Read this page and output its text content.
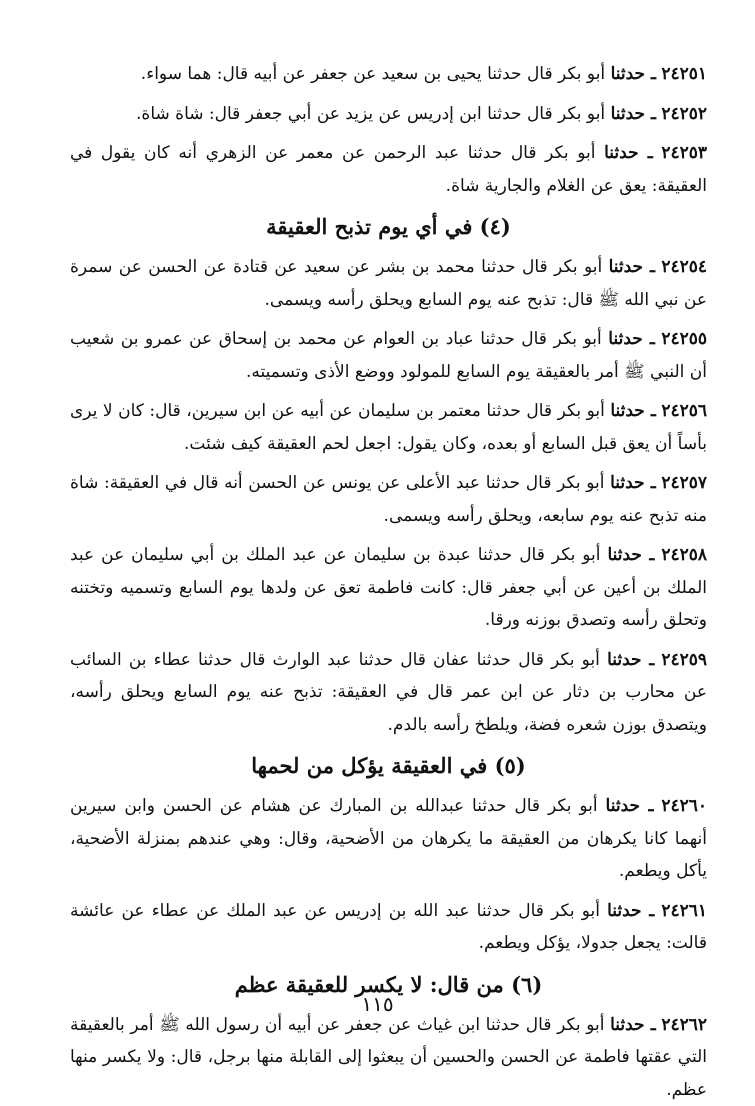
٢٤٢٥١ ـ حدثنا أبو بكر قال حدثنا يحيى بن سعيد عن جعفر عن أبيه قال: هما سواء.

٢٤٢٥٢ ـ حدثنا أبو بكر قال حدثنا ابن إدريس عن يزيد عن أبي جعفر قال: شاة شاة.

٢٤٢٥٣ ـ حدثنا أبو بكر قال حدثنا عبد الرحمن عن معمر عن الزهري أنه كان يقول في العقيقة: يعق عن الغلام والجارية شاة.

(٤) في أي يوم تذبح العقيقة

٢٤٢٥٤ ـ حدثنا أبو بكر قال حدثنا محمد بن بشر عن سعيد عن قتادة عن الحسن عن سمرة عن نبي الله ﷺ قال: تذبح عنه يوم السابع ويحلق رأسه ويسمى.

٢٤٢٥٥ ـ حدثنا أبو بكر قال حدثنا عباد بن العوام عن محمد بن إسحاق عن عمرو بن شعيب أن النبي ﷺ أمر بالعقيقة يوم السابع للمولود ووضع الأذى وتسميته.

٢٤٢٥٦ ـ حدثنا أبو بكر قال حدثنا معتمر بن سليمان عن أبيه عن ابن سيرين، قال: كان لا يرى بأساً أن يعق قبل السابع أو بعده، وكان يقول: اجعل لحم العقيقة كيف شئت.

٢٤٢٥٧ ـ حدثنا أبو بكر قال حدثنا عبد الأعلى عن يونس عن الحسن أنه قال في العقيقة: شاة منه تذبح عنه يوم سابعه، ويحلق رأسه ويسمى.

٢٤٢٥٨ ـ حدثنا أبو بكر قال حدثنا عبدة بن سليمان عن عبد الملك بن أبي سليمان عن عبد الملك بن أعين عن أبي جعفر قال: كانت فاطمة تعق عن ولدها يوم السابع وتسميه وتختنه وتحلق رأسه وتصدق بوزنه ورقا.

٢٤٢٥٩ ـ حدثنا أبو بكر قال حدثنا عفان قال حدثنا عبد الوارث قال حدثنا عطاء بن السائب عن محارب بن دثار عن ابن عمر قال في العقيقة: تذبح عنه يوم السابع ويحلق رأسه، ويتصدق بوزن شعره فضة، ويلطخ رأسه بالدم.

(٥) في العقيقة يؤكل من لحمها

٢٤٢٦٠ ـ حدثنا أبو بكر قال حدثنا عبدالله بن المبارك عن هشام عن الحسن وابن سيرين أنهما كانا يكرهان من العقيقة ما يكرهان من الأضحية، وقال: وهي عندهم بمنزلة الأضحية، يأكل ويطعم.

٢٤٢٦١ ـ حدثنا أبو بكر قال حدثنا عبد الله بن إدريس عن عبد الملك عن عطاء عن عائشة قالت: يجعل جدولا، يؤكل ويطعم.

(٦) من قال: لا يكسر للعقيقة عظم

٢٤٢٦٢ ـ حدثنا أبو بكر قال حدثنا ابن غياث عن جعفر عن أبيه أن رسول الله ﷺ أمر بالعقيقة التي عقتها فاطمة عن الحسن والحسين أن يبعثوا إلى القابلة منها برجل، قال: ولا يكسر منها عظم.

١١٥
